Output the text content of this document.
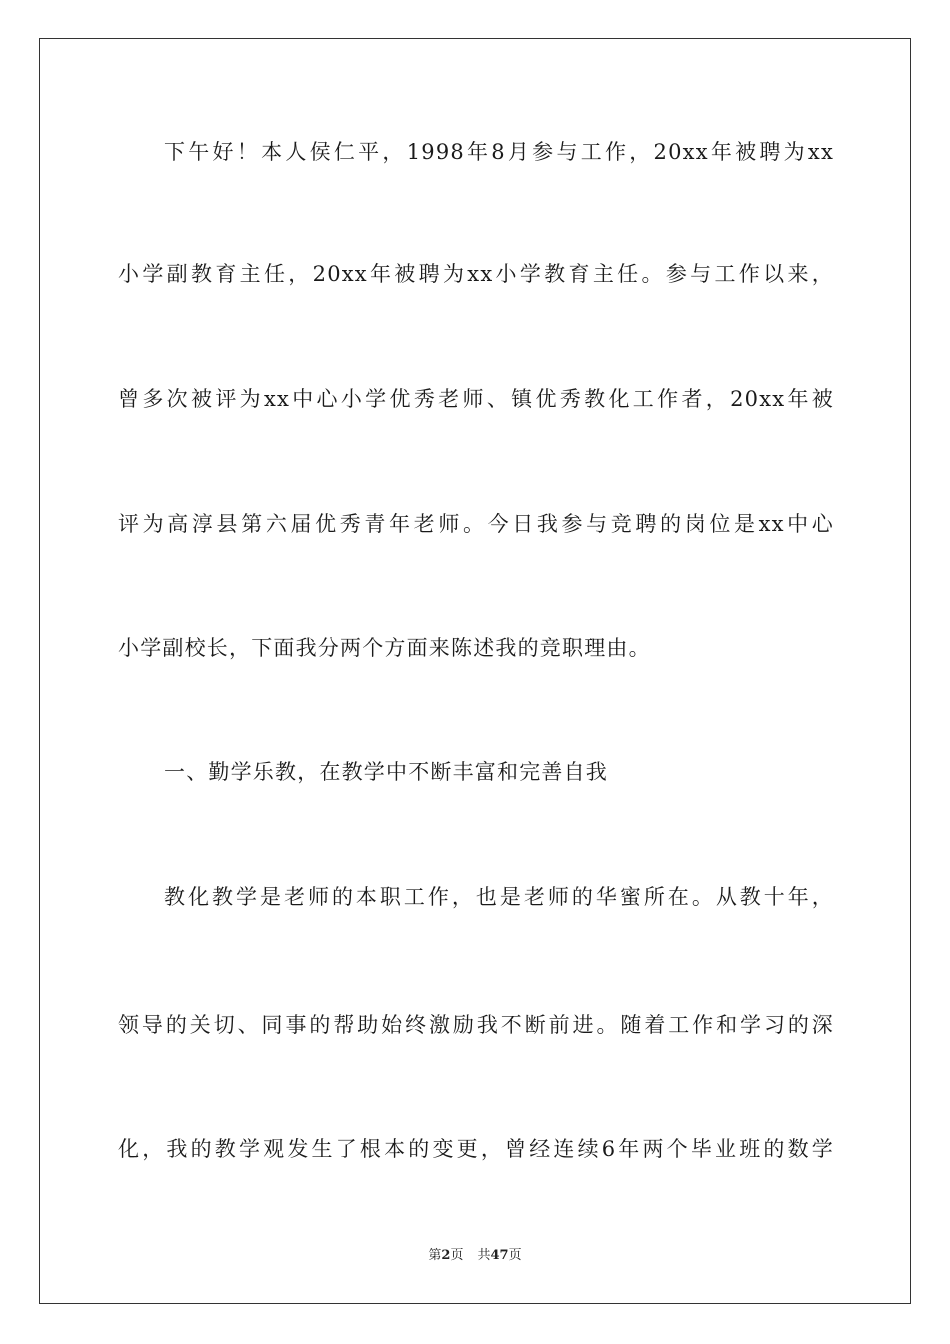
下午好！本人侯仁平，1998年8月参与工作，20xx年被聘为xx
小学副教育主任，20xx年被聘为xx小学教育主任。参与工作以来，
曾多次被评为xx中心小学优秀老师、镇优秀教化工作者，20xx年被
评为高淳县第六届优秀青年老师。今日我参与竞聘的岗位是xx中心
小学副校长，下面我分两个方面来陈述我的竞职理由。
一、勤学乐教，在教学中不断丰富和完善自我
教化教学是老师的本职工作，也是老师的华蜜所在。从教十年，
领导的关切、同事的帮助始终激励我不断前进。随着工作和学习的深
化，我的教学观发生了根本的变更，曾经连续6年两个毕业班的数学
第2页 共47页
